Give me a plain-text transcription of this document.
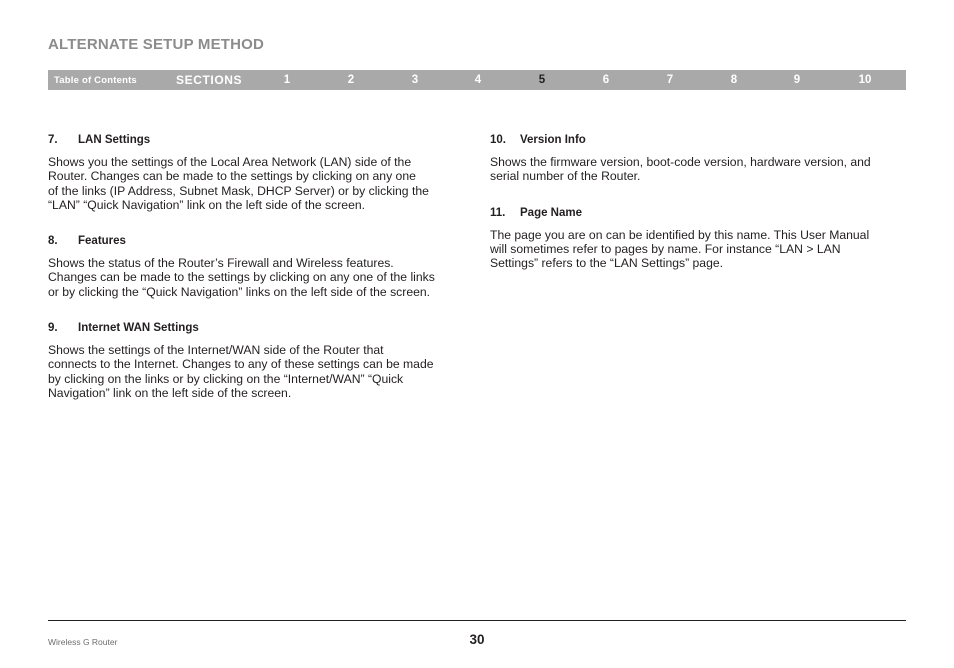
ALTERNATE SETUP METHOD
Table of Contents	SECTIONS	1	2	3	4	5	6	7	8	9	10

7. LAN Settings

Shows you the settings of the Local Area Network (LAN) side of the
Router. Changes can be made to the settings by clicking on any one
of the links (IP Address, Subnet Mask, DHCP Server) or by clicking the
“LAN” “Quick Navigation” link on the left side of the screen.

8. Features

Shows the status of the Router’s Firewall and Wireless features.
Changes can be made to the settings by clicking on any one of the links
or by clicking the “Quick Navigation” links on the left side of the screen.

9. Internet WAN Settings

Shows the settings of the Internet/WAN side of the Router that
connects to the Internet. Changes to any of these settings can be made
by clicking on the links or by clicking on the “Internet/WAN” “Quick
Navigation” link on the left side of the screen.

10. Version Info

Shows the firmware version, boot-code version, hardware version, and
serial number of the Router.

11. Page Name

The page you are on can be identified by this name. This User Manual
will sometimes refer to pages by name. For instance “LAN > LAN
Settings” refers to the “LAN Settings” page.

Wireless G Router	30
